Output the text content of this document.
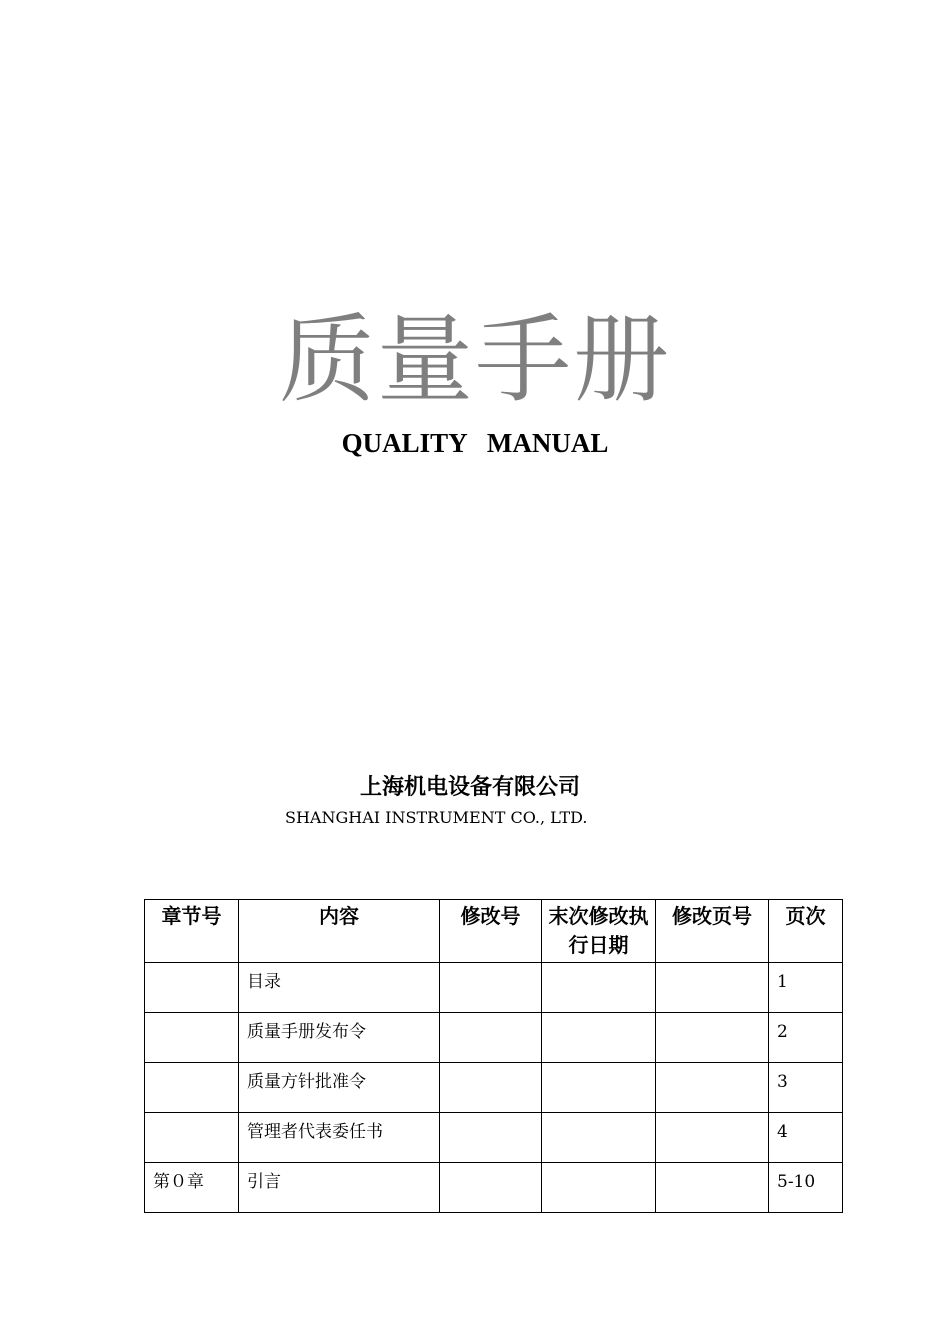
质量手册
QUALITY   MANUAL
上海机电设备有限公司
SHANGHAI INSTRUMENT CO., LTD.
章节号	内容	修改号	末次修改执行日期	修改页号	页次
	目录				1
	质量手册发布令				2
	质量方针批准令				3
	管理者代表委任书				4
第０章	引言				5-10
